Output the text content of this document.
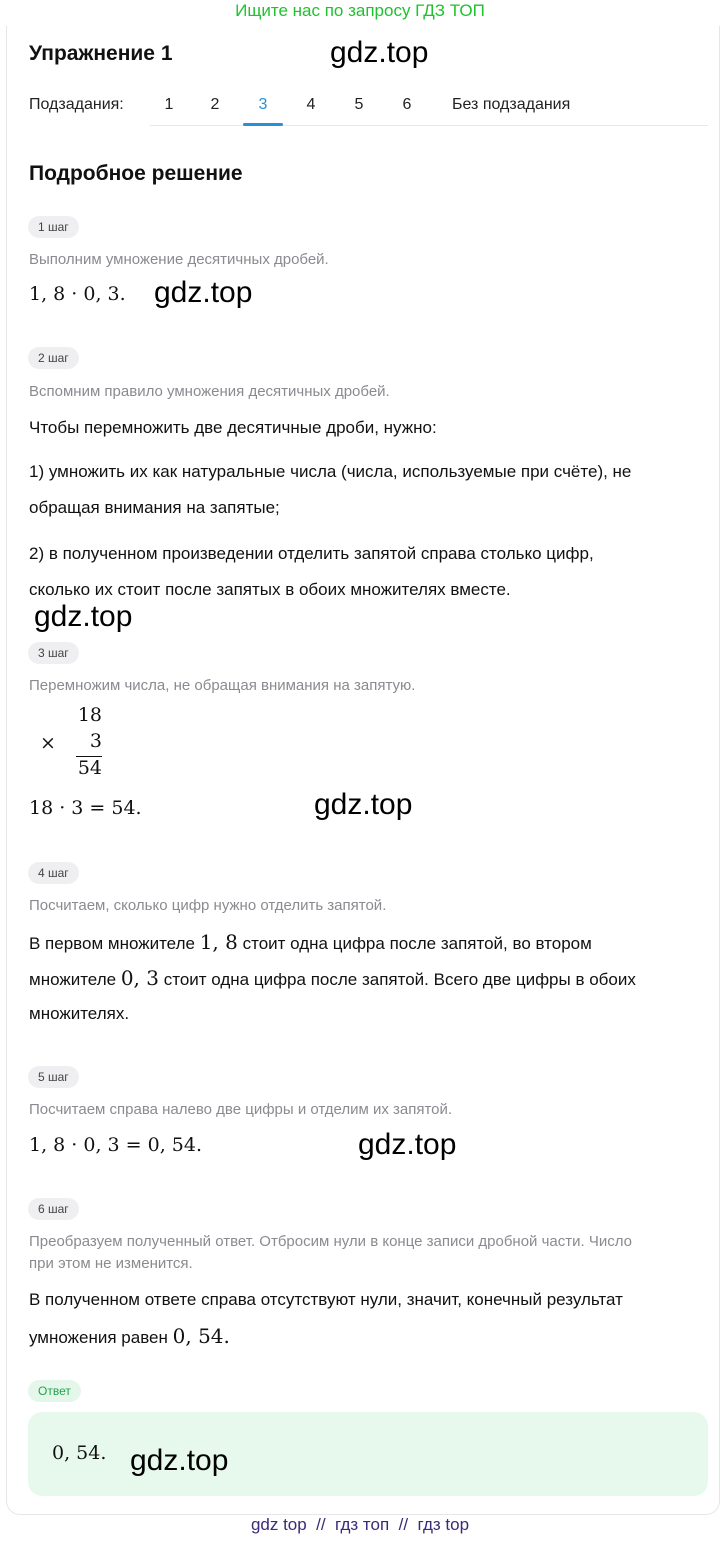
Ищите нас по запросу ГДЗ ТОП
Упражнение 1	gdz.top
Подзадания:	1 2 3 4 5 6	Без подзадания
Подробное решение
1 шаг
Выполним умножение десятичных дробей.
1, 8 · 0, 3. gdz.top
2 шаг
Вспомним правило умножения десятичных дробей.
Чтобы перемножить две десятичные дроби, нужно:
1) умножить их как натуральные числа (числа, используемые при счёте), не
обращая внимания на запятые;
2) в полученном произведении отделить запятой справа столько цифр,
сколько их стоит после запятых в обоих множителях вместе.
gdz.top
3 шаг
Перемножим числа, не обращая внимания на запятую.
×
18
3
54
18 · 3 = 54.	gdz.top
4 шаг
Посчитаем, сколько цифр нужно отделить запятой.
В первом множителе 1, 8 стоит одна цифра после запятой, во втором
множителе 0, 3 стоит одна цифра после запятой. Всего две цифры в обоих
множителях.
5 шаг
Посчитаем справа налево две цифры и отделим их запятой.
1, 8 · 0, 3 = 0, 54.	gdz.top
6 шаг
Преобразуем полученный ответ. Отбросим нули в конце записи дробной части. Число
при этом не изменится.
В полученном ответе справа отсутствуют нули, значит, конечный результат
умножения равен 0, 54.
Ответ
0, 54. gdz.top
gdz top  //  гдз топ  //  гдз top
